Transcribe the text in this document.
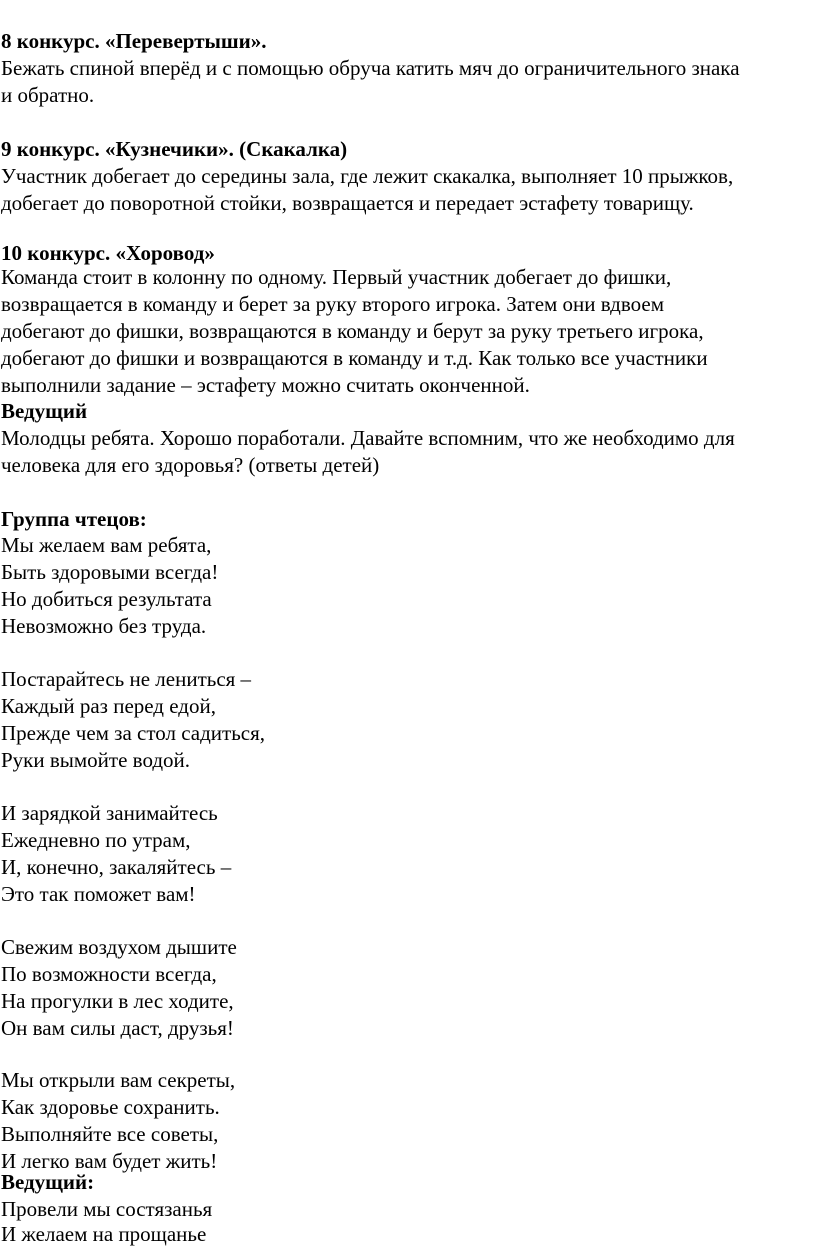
8 конкурс. «Перевертыши».
Бежать спиной вперёд и с помощью обруча катить мяч до ограничительного знака
и обратно.
9 конкурс. «Кузнечики». (Скакалка)
Участник добегает до середины зала, где лежит скакалка, выполняет 10 прыжков,
добегает до поворотной стойки, возвращается и передает эстафету товарищу.
10 конкурс. «Хоровод»
Команда стоит в колонну по одному. Первый участник добегает до фишки,
возвращается в команду и берет за руку второго игрока. Затем они вдвоем
добегают до фишки, возвращаются в команду и берут за руку третьего игрока,
добегают до фишки и возвращаются в команду и т.д. Как только все участники
выполнили задание – эстафету можно считать оконченной.
Ведущий
Молодцы ребята. Хорошо поработали. Давайте вспомним, что же необходимо для
человека для его здоровья? (ответы детей)
Группа чтецов:
Мы желаем вам ребята,
Быть здоровыми всегда!
Но добиться результата
Невозможно без труда.
Постарайтесь не лениться –
Каждый раз перед едой,
Прежде чем за стол садиться,
Руки вымойте водой.
И зарядкой занимайтесь
Ежедневно по утрам,
И, конечно, закаляйтесь –
Это так поможет вам!
Свежим воздухом дышите
По возможности всегда,
На прогулки в лес ходите,
Он вам силы даст, друзья!
Мы открыли вам секреты,
Как здоровье сохранить.
Выполняйте все советы,
И легко вам будет жить!
Ведущий:
Провели мы состязанья
И желаем на прощанье
